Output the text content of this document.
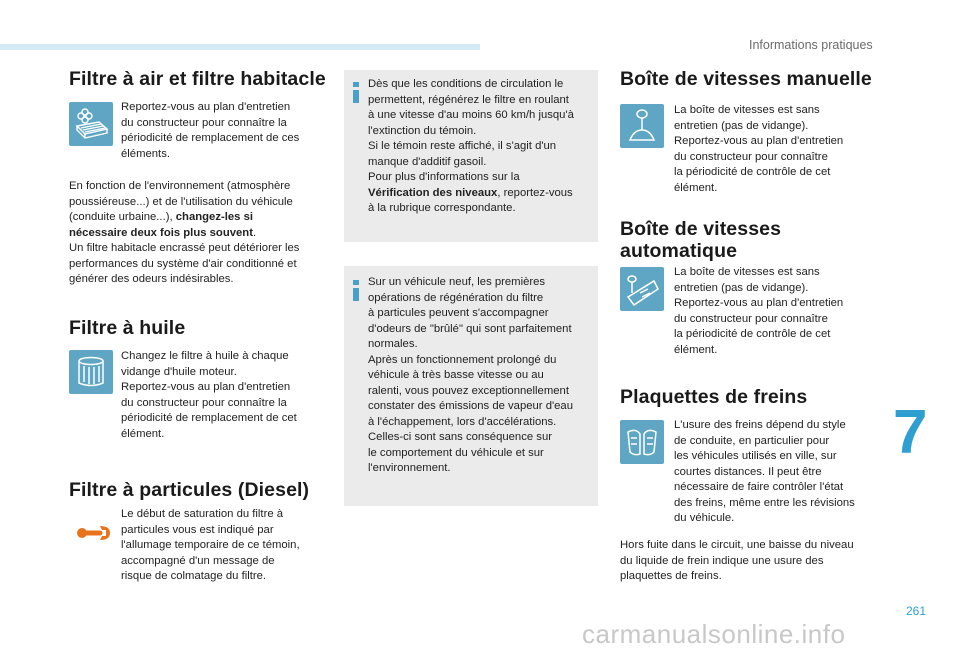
Informations pratiques
Filtre à air et filtre habitacle

Reportez-vous au plan d'entretien
du constructeur pour connaître la
périodicité de remplacement de ces
éléments.

En fonction de l'environnement (atmosphère
poussiéreuse...) et de l'utilisation du véhicule
(conduite urbaine...), changez-les si
nécessaire deux fois plus souvent.
Un filtre habitacle encrassé peut détériorer les
performances du système d'air conditionné et
générer des odeurs indésirables.

Filtre à huile

Changez le filtre à huile à chaque
vidange d'huile moteur.
Reportez-vous au plan d'entretien
du constructeur pour connaître la
périodicité de remplacement de cet
élément.

Filtre à particules (Diesel)

Le début de saturation du filtre à
particules vous est indiqué par
l'allumage temporaire de ce témoin,
accompagné d'un message de
risque de colmatage du filtre.

Dès que les conditions de circulation le
permettent, régénérez le filtre en roulant
à une vitesse d'au moins 60 km/h jusqu'à
l'extinction du témoin.
Si le témoin reste affiché, il s'agit d'un
manque d'additif gasoil.
Pour plus d'informations sur la
Vérification des niveaux, reportez-vous
à la rubrique correspondante.

Sur un véhicule neuf, les premières
opérations de régénération du filtre
à particules peuvent s'accompagner
d'odeurs de "brûlé" qui sont parfaitement
normales.
Après un fonctionnement prolongé du
véhicule à très basse vitesse ou au
ralenti, vous pouvez exceptionnellement
constater des émissions de vapeur d'eau
à l'échappement, lors d'accélérations.
Celles-ci sont sans conséquence sur
le comportement du véhicule et sur
l'environnement.

Boîte de vitesses manuelle

La boîte de vitesses est sans
entretien (pas de vidange).
Reportez-vous au plan d'entretien
du constructeur pour connaître
la périodicité de contrôle de cet
élément.

Boîte de vitesses
automatique

La boîte de vitesses est sans
entretien (pas de vidange).
Reportez-vous au plan d'entretien
du constructeur pour connaître
la périodicité de contrôle de cet
élément.

Plaquettes de freins

L'usure des freins dépend du style
de conduite, en particulier pour
les véhicules utilisés en ville, sur
courtes distances. Il peut être
nécessaire de faire contrôler l'état
des freins, même entre les révisions
du véhicule.

Hors fuite dans le circuit, une baisse du niveau
du liquide de frein indique une usure des
plaquettes de freins.

7
261
carmanualsonline.info
